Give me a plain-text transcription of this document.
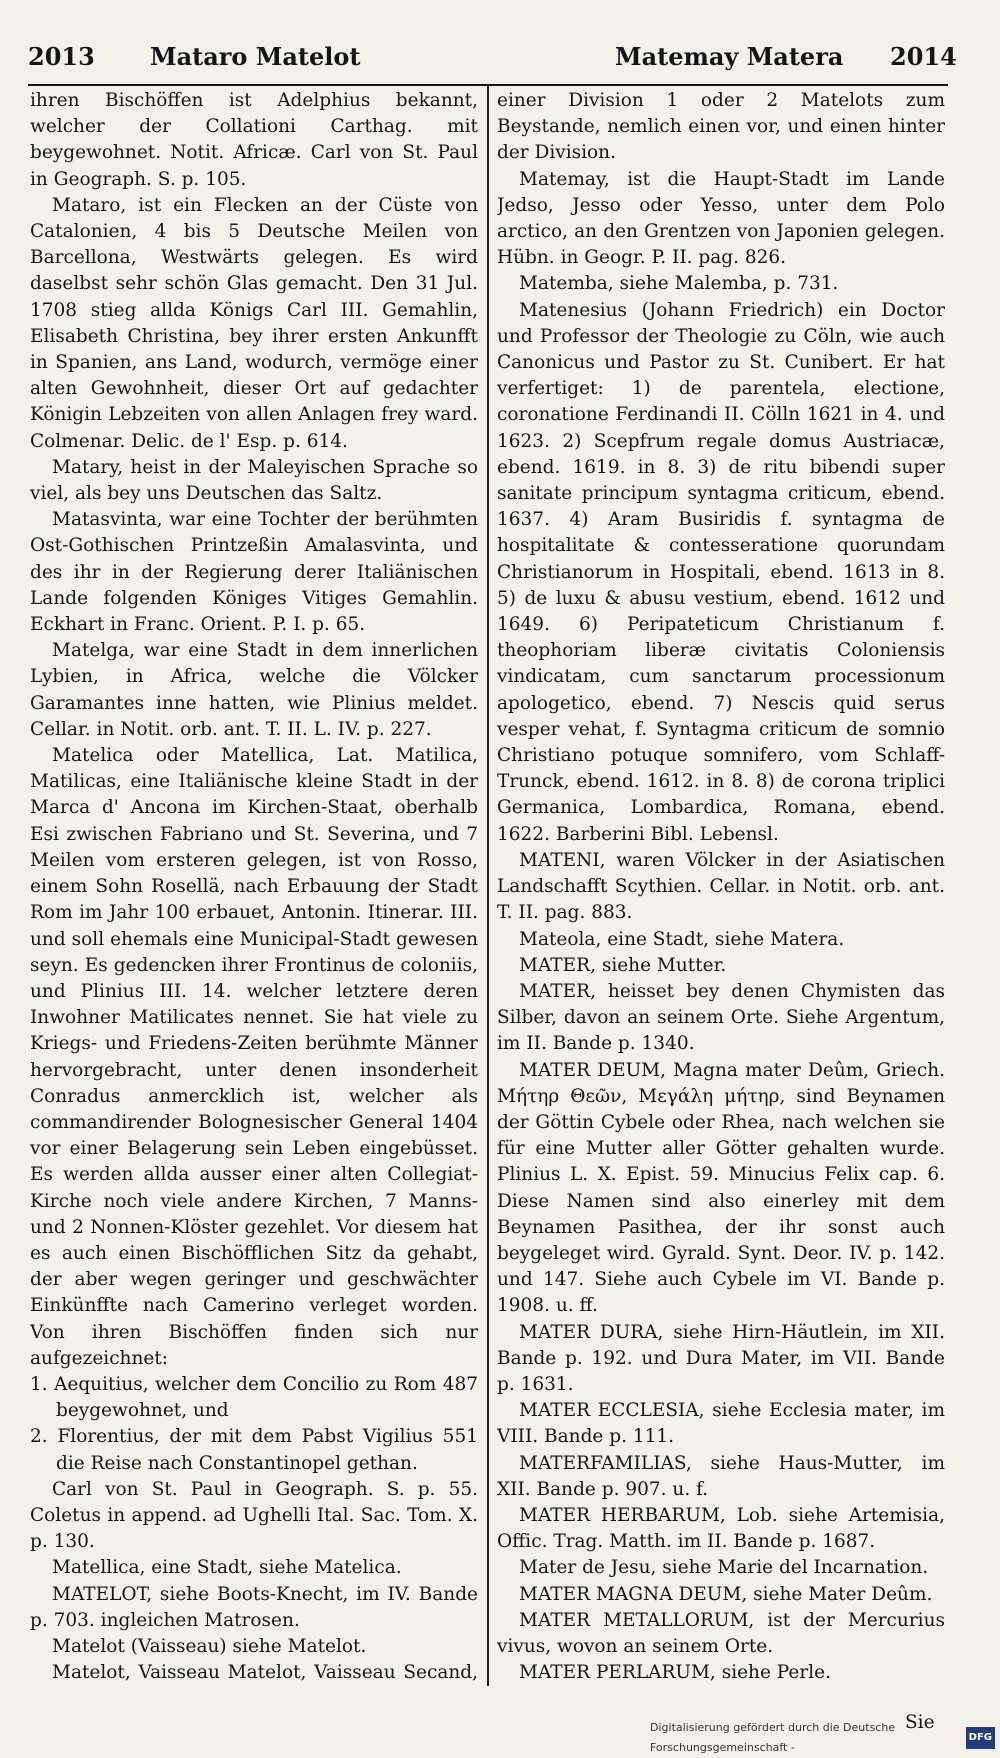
2013 Mataro Matelot	Matemay Matera 2014

ihren Bischöffen ist Adelphius bekannt, welcher der Collationi Carthag. mit beygewohnet. Notit. Africæ. Carl von St. Paul in Geograph. S. p. 105.

Mataro, ist ein Flecken an der Cüste von Catalonien, 4 bis 5 Deutsche Meilen von Barcellona, Westwärts gelegen. Es wird daselbst sehr schön Glas gemacht. Den 31 Jul. 1708 stieg allda Königs Carl III. Gemahlin, Elisabeth Christina, bey ihrer ersten Ankunfft in Spanien, ans Land, wodurch, vermöge einer alten Gewohnheit, dieser Ort auf gedachter Königin Lebzeiten von allen Anlagen frey ward. Colmenar. Delic. de l' Esp. p. 614.

Matary, heist in der Maleyischen Sprache so viel, als bey uns Deutschen das Saltz.

Matasvinta, war eine Tochter der berühmten Ost-Gothischen Printzeßin Amalasvinta, und des ihr in der Regierung derer Italiänischen Lande folgenden Königes Vitiges Gemahlin. Eckhart in Franc. Orient. P. I. p. 65.

Matelga, war eine Stadt in dem innerlichen Lybien, in Africa, welche die Völcker Garamantes inne hatten, wie Plinius meldet. Cellar. in Notit. orb. ant. T. II. L. IV. p. 227.

Matelica oder Matellica, Lat. Matilica, Matilicas, eine Italiänische kleine Stadt in der Marca d' Ancona im Kirchen-Staat, oberhalb Esi zwischen Fabriano und St. Severina, und 7 Meilen vom ersteren gelegen, ist von Rosso, einem Sohn Rosellä, nach Erbauung der Stadt Rom im Jahr 100 erbauet, Antonin. Itinerar. III. und soll ehemals eine Municipal-Stadt gewesen seyn. Es gedencken ihrer Frontinus de coloniis, und Plinius III. 14. welcher letztere deren Inwohner Matilicates nennet. Sie hat viele zu Kriegs- und Friedens-Zeiten berühmte Männer hervorgebracht, unter denen insonderheit Conradus anmercklich ist, welcher als commandirender Bolognesischer General 1404 vor einer Belagerung sein Leben eingebüsset. Es werden allda ausser einer alten Collegiat-Kirche noch viele andere Kirchen, 7 Manns- und 2 Nonnen-Klöster gezehlet. Vor diesem hat es auch einen Bischöfflichen Sitz da gehabt, der aber wegen geringer und geschwächter Einkünffte nach Camerino verleget worden. Von ihren Bischöffen finden sich nur aufgezeichnet:

1. Aequitius, welcher dem Concilio zu Rom 487 beygewohnet, und

2. Florentius, der mit dem Pabst Vigilius 551 die Reise nach Constantinopel gethan.

Carl von St. Paul in Geograph. S. p. 55. Coletus in append. ad Ughelli Ital. Sac. Tom. X. p. 130.

Matellica, eine Stadt, siehe Matelica.

MATELOT, siehe Boots-Knecht, im IV. Bande p. 703. ingleichen Matrosen.

Matelot (Vaisseau) siehe Matelot.

Matelot, Vaisseau Matelot, Vaisseau Secand,

einer Division 1 oder 2 Matelots zum Beystande, nemlich einen vor, und einen hinter der Division.

Matemay, ist die Haupt-Stadt im Lande Jedso, Jesso oder Yesso, unter dem Polo arctico, an den Grentzen von Japonien gelegen. Hübn. in Geogr. P. II. pag. 826.

Matemba, siehe Malemba, p. 731.

Matenesius (Johann Friedrich) ein Doctor und Professor der Theologie zu Cöln, wie auch Canonicus und Pastor zu St. Cunibert. Er hat verfertiget: 1) de parentela, electione, coronatione Ferdinandi II. Cölln 1621 in 4. und 1623. 2) Scepfrum regale domus Austriacæ, ebend. 1619. in 8. 3) de ritu bibendi super sanitate principum syntagma criticum, ebend. 1637. 4) Aram Busiridis f. syntagma de hospitalitate & contesseratione quorundam Christianorum in Hospitali, ebend. 1613 in 8. 5) de luxu & abusu vestium, ebend. 1612 und 1649. 6) Peripateticum Christianum f. theophoriam liberæ civitatis Coloniensis vindicatam, cum sanctarum processionum apologetico, ebend. 7) Nescis quid serus vesper vehat, f. Syntagma criticum de somnio Christiano potuque somnifero, vom Schlaff-Trunck, ebend. 1612. in 8. 8) de corona triplici Germanica, Lombardica, Romana, ebend. 1622. Barberini Bibl. Lebensl.

MATENI, waren Völcker in der Asiatischen Landschafft Scythien. Cellar. in Notit. orb. ant. T. II. pag. 883.

Mateola, eine Stadt, siehe Matera.

MATER, siehe Mutter.

MATER, heisset bey denen Chymisten das Silber, davon an seinem Orte. Siehe Argentum, im II. Bande p. 1340.

MATER DEUM, Magna mater Deûm, Griech. Μήτηρ Θεῶν, Μεγάλη μήτηρ, sind Beynamen der Göttin Cybele oder Rhea, nach welchen sie für eine Mutter aller Götter gehalten wurde. Plinius L. X. Epist. 59. Minucius Felix cap. 6. Diese Namen sind also einerley mit dem Beynamen Pasithea, der ihr sonst auch beygeleget wird. Gyrald. Synt. Deor. IV. p. 142. und 147. Siehe auch Cybele im VI. Bande p. 1908. u. ff.

MATER DURA, siehe Hirn-Häutlein, im XII. Bande p. 192. und Dura Mater, im VII. Bande p. 1631.

MATER ECCLESIA, siehe Ecclesia mater, im VIII. Bande p. 111.

MATERFAMILIAS, siehe Haus-Mutter, im XII. Bande p. 907. u. f.

MATER HERBARUM, Lob. siehe Artemisia, Offic. Trag. Matth. im II. Bande p. 1687.

Mater de Jesu, siehe Marie del Incarnation.

MATER MAGNA DEUM, siehe Mater Deûm.

MATER METALLORUM, ist der Mercurius vivus, wovon an seinem Orte.

MATER PERLARUM, siehe Perle.

Sie
Digitalisierung gefördert durch die Deutsche Forschungsgemeinschaft -
DFG
